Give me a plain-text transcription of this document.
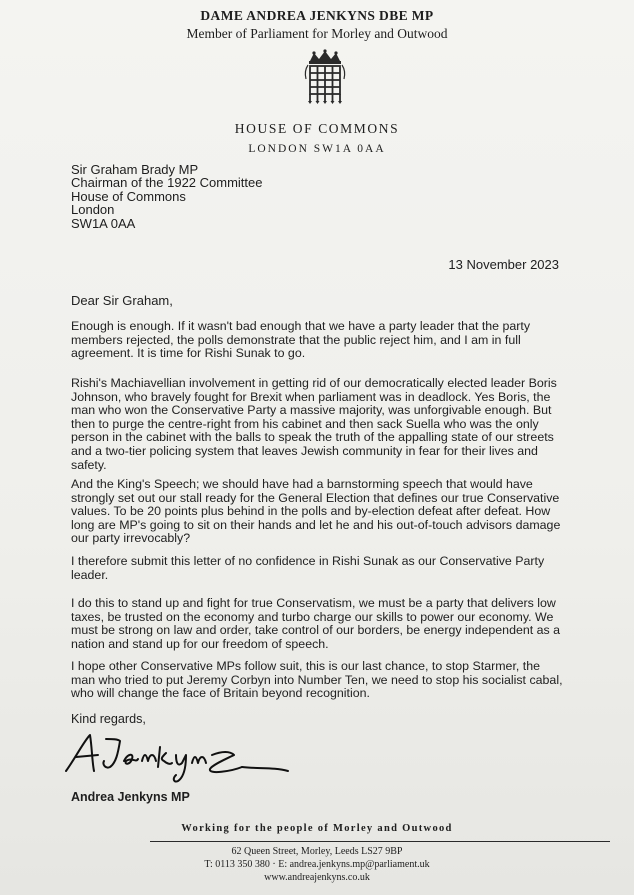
DAME ANDREA JENKYNS DBE MP
Member of Parliament for Morley and Outwood
HOUSE OF COMMONS
LONDON SW1A 0AA
Sir Graham Brady MP
Chairman of the 1922 Committee
House of Commons
London
SW1A 0AA
13 November 2023
Dear Sir Graham,
Enough is enough. If it wasn't bad enough that we have a party leader that the party members rejected, the polls demonstrate that the public reject him, and I am in full agreement. It is time for Rishi Sunak to go.
Rishi's Machiavellian involvement in getting rid of our democratically elected leader Boris Johnson, who bravely fought for Brexit when parliament was in deadlock. Yes Boris, the man who won the Conservative Party a massive majority, was unforgivable enough. But then to purge the centre-right from his cabinet and then sack Suella who was the only person in the cabinet with the balls to speak the truth of the appalling state of our streets and a two-tier policing system that leaves Jewish community in fear for their lives and safety.
And the King's Speech; we should have had a barnstorming speech that would have strongly set out our stall ready for the General Election that defines our true Conservative values. To be 20 points plus behind in the polls and by-election defeat after defeat. How long are MP's going to sit on their hands and let he and his out-of-touch advisors damage our party irrevocably?
I therefore submit this letter of no confidence in Rishi Sunak as our Conservative Party leader.
I do this to stand up and fight for true Conservatism, we must be a party that delivers low taxes, be trusted on the economy and turbo charge our skills to power our economy. We must be strong on law and order, take control of our borders, be energy independent as a nation and stand up for our freedom of speech.
I hope other Conservative MPs follow suit, this is our last chance, to stop Starmer, the man who tried to put Jeremy Corbyn into Number Ten, we need to stop his socialist cabal, who will change the face of Britain beyond recognition.
Kind regards,
Andrea Jenkyns MP
Working for the people of Morley and Outwood
62 Queen Street, Morley, Leeds LS27 9BP
T: 0113 350 380 · E: andrea.jenkyns.mp@parliament.uk
www.andreajenkyns.co.uk
